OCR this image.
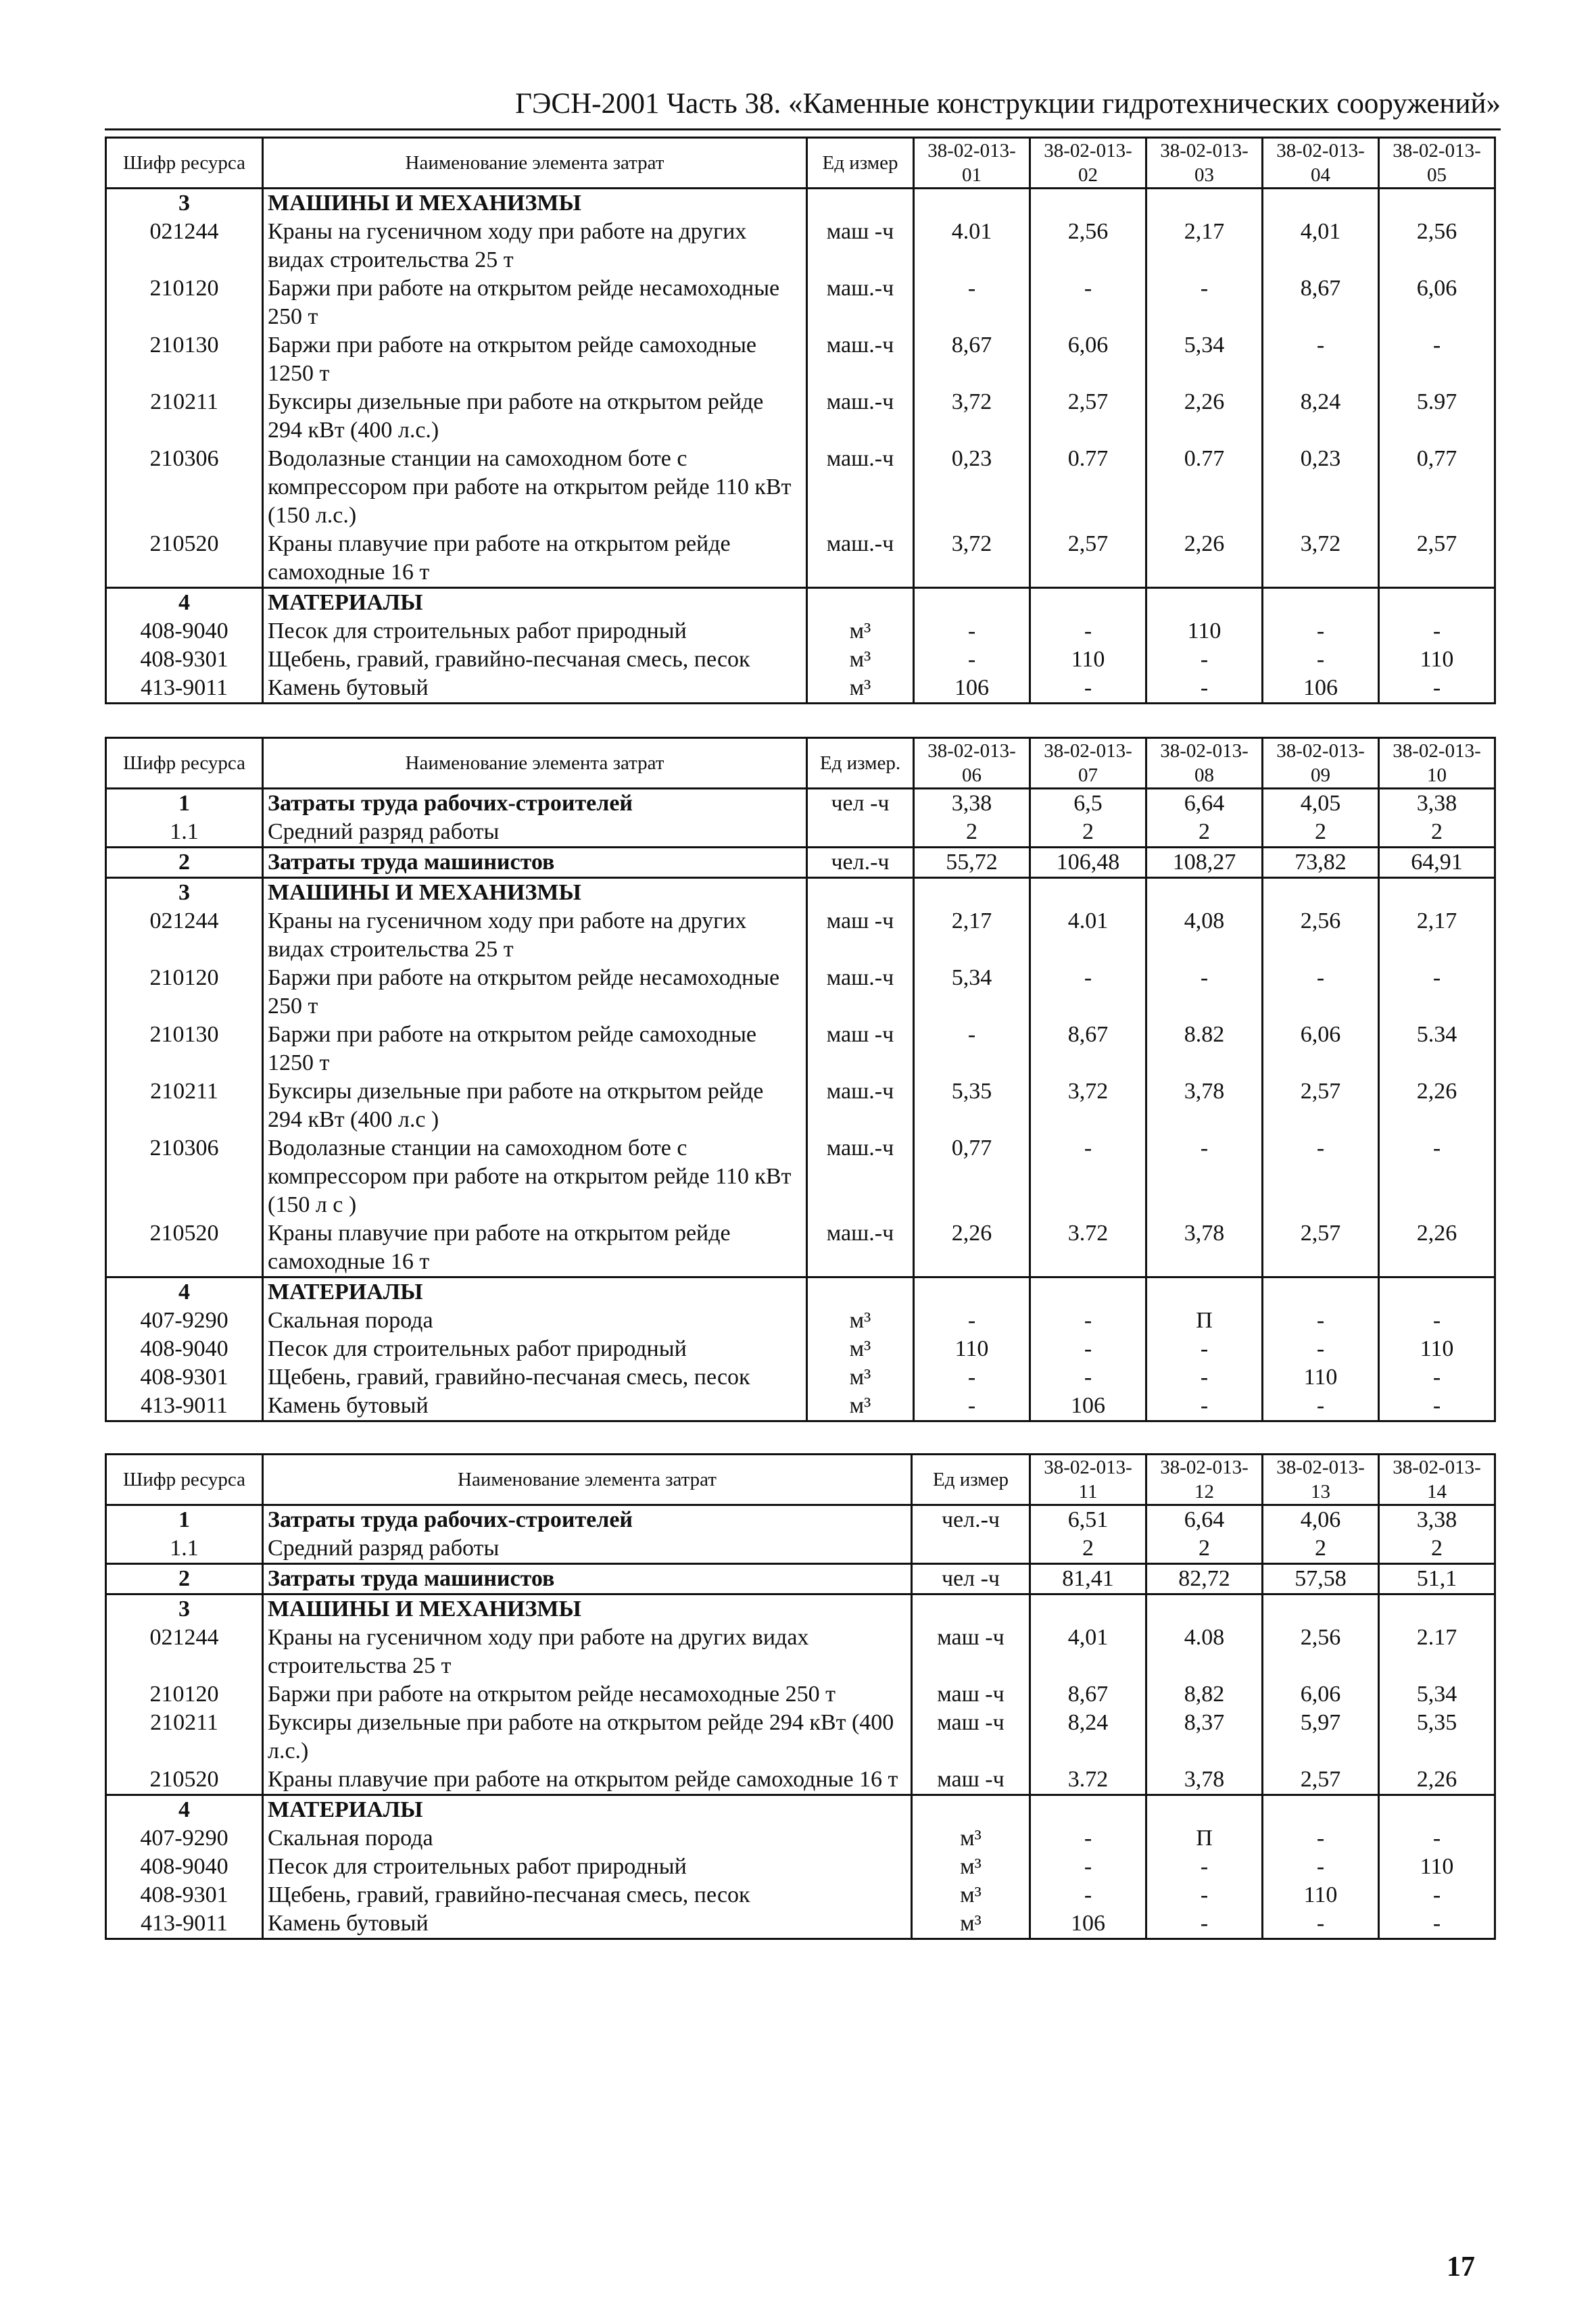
ГЭСН-2001 Часть 38. «Каменные конструкции гидротехнических сооружений»
Шифр ресурса	Наименование элемента затрат	Ед измер	38-02-013-01	38-02-013-02	38-02-013-03	38-02-013-04	38-02-013-05
3	МАШИНЫ И МЕХАНИЗМЫ						
021244	Краны на гусеничном ходу при работе на других видах строительства 25 т	маш -ч	4.01	2,56	2,17	4,01	2,56
210120	Баржи при работе на открытом рейде несамоходные 250 т	маш.-ч	-	-	-	8,67	6,06
210130	Баржи при работе на открытом рейде самоходные 1250 т	маш.-ч	8,67	6,06	5,34	-	-
210211	Буксиры дизельные при работе на открытом рейде 294 кВт (400 л.с.)	маш.-ч	3,72	2,57	2,26	8,24	5.97
210306	Водолазные станции на самоходном боте с компрессором при работе на открытом рейде 110 кВт (150 л.с.)	маш.-ч	0,23	0.77	0.77	0,23	0,77
210520	Краны плавучие при работе на открытом рейде самоходные 16 т	маш.-ч	3,72	2,57	2,26	3,72	2,57
4	МАТЕРИАЛЫ						
408-9040	Песок для строительных работ природный	м³	-	-	110	-	-
408-9301	Щебень, гравий, гравийно-песчаная смесь, песок	м³	-	110	-	-	110
413-9011	Камень бутовый	м³	106	-	-	106	-
Шифр ресурса	Наименование элемента затрат	Ед измер.	38-02-013-06	38-02-013-07	38-02-013-08	38-02-013-09	38-02-013-10
1	Затраты труда рабочих-строителей	чел -ч	3,38	6,5	6,64	4,05	3,38
1.1	Средний разряд работы		2	2	2	2	2
2	Затраты труда машинистов	чел.-ч	55,72	106,48	108,27	73,82	64,91
3	МАШИНЫ И МЕХАНИЗМЫ						
021244	Краны на гусеничном ходу при работе на других видах строительства 25 т	маш -ч	2,17	4.01	4,08	2,56	2,17
210120	Баржи при работе на открытом рейде несамоходные 250 т	маш.-ч	5,34	-	-	-	-
210130	Баржи при работе на открытом рейде самоходные 1250 т	маш -ч	-	8,67	8.82	6,06	5.34
210211	Буксиры дизельные при работе на открытом рейде 294 кВт (400 л.с )	маш.-ч	5,35	3,72	3,78	2,57	2,26
210306	Водолазные станции на самоходном боте с компрессором при работе на открытом рейде 110 кВт (150 л с )	маш.-ч	0,77	-	-	-	-
210520	Краны плавучие при работе на открытом рейде самоходные 16 т	маш.-ч	2,26	3.72	3,78	2,57	2,26
4	МАТЕРИАЛЫ						
407-9290	Скальная порода	м³	-	-	П	-	-
408-9040	Песок для строительных работ природный	м³	110	-	-	-	110
408-9301	Щебень, гравий, гравийно-песчаная смесь, песок	м³	-	-	-	110	-
413-9011	Камень бутовый	м³	-	106	-	-	-
Шифр ресурса	Наименование элемента затрат	Ед измер	38-02-013-11	38-02-013-12	38-02-013-13	38-02-013-14
1	Затраты труда рабочих-строителей	чел.-ч	6,51	6,64	4,06	3,38
1.1	Средний разряд работы		2	2	2	2
2	Затраты труда машинистов	чел -ч	81,41	82,72	57,58	51,1
3	МАШИНЫ И МЕХАНИЗМЫ					
021244	Краны на гусеничном ходу при работе на других видах строительства 25 т	маш -ч	4,01	4.08	2,56	2.17
210120	Баржи при работе на открытом рейде несамоходные 250 т	маш -ч	8,67	8,82	6,06	5,34
210211	Буксиры дизельные при работе на открытом рейде 294 кВт (400 л.с.)	маш -ч	8,24	8,37	5,97	5,35
210520	Краны плавучие при работе на открытом рейде самоходные 16 т	маш -ч	3.72	3,78	2,57	2,26
4	МАТЕРИАЛЫ					
407-9290	Скальная порода	м³	-	П	-	-
408-9040	Песок для строительных работ природный	м³	-	-	-	110
408-9301	Щебень, гравий, гравийно-песчаная смесь, песок	м³	-	-	110	-
413-9011	Камень бутовый	м³	106	-	-	-
17
